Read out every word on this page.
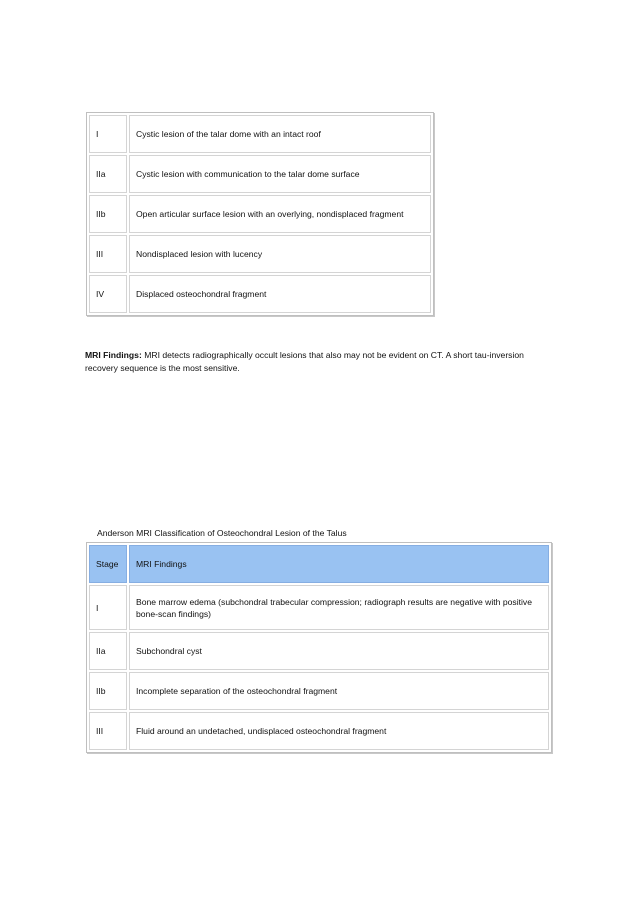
I	Cystic lesion of the talar dome with an intact roof
IIa	Cystic lesion with communication to the talar dome surface
IIb	Open articular surface lesion with an overlying, nondisplaced fragment
III	Nondisplaced lesion with lucency
IV	Displaced osteochondral fragment

MRI Findings: MRI detects radiographically occult lesions that also may not be evident on CT. A short tau-inversion recovery sequence is the most sensitive.

Anderson MRI Classification of Osteochondral Lesion of the Talus

Stage	MRI Findings
I	Bone marrow edema (subchondral trabecular compression; radiograph results are negative with positive bone-scan findings)
IIa	Subchondral cyst
IIb	Incomplete separation of the osteochondral fragment
III	Fluid around an undetached, undisplaced osteochondral fragment
